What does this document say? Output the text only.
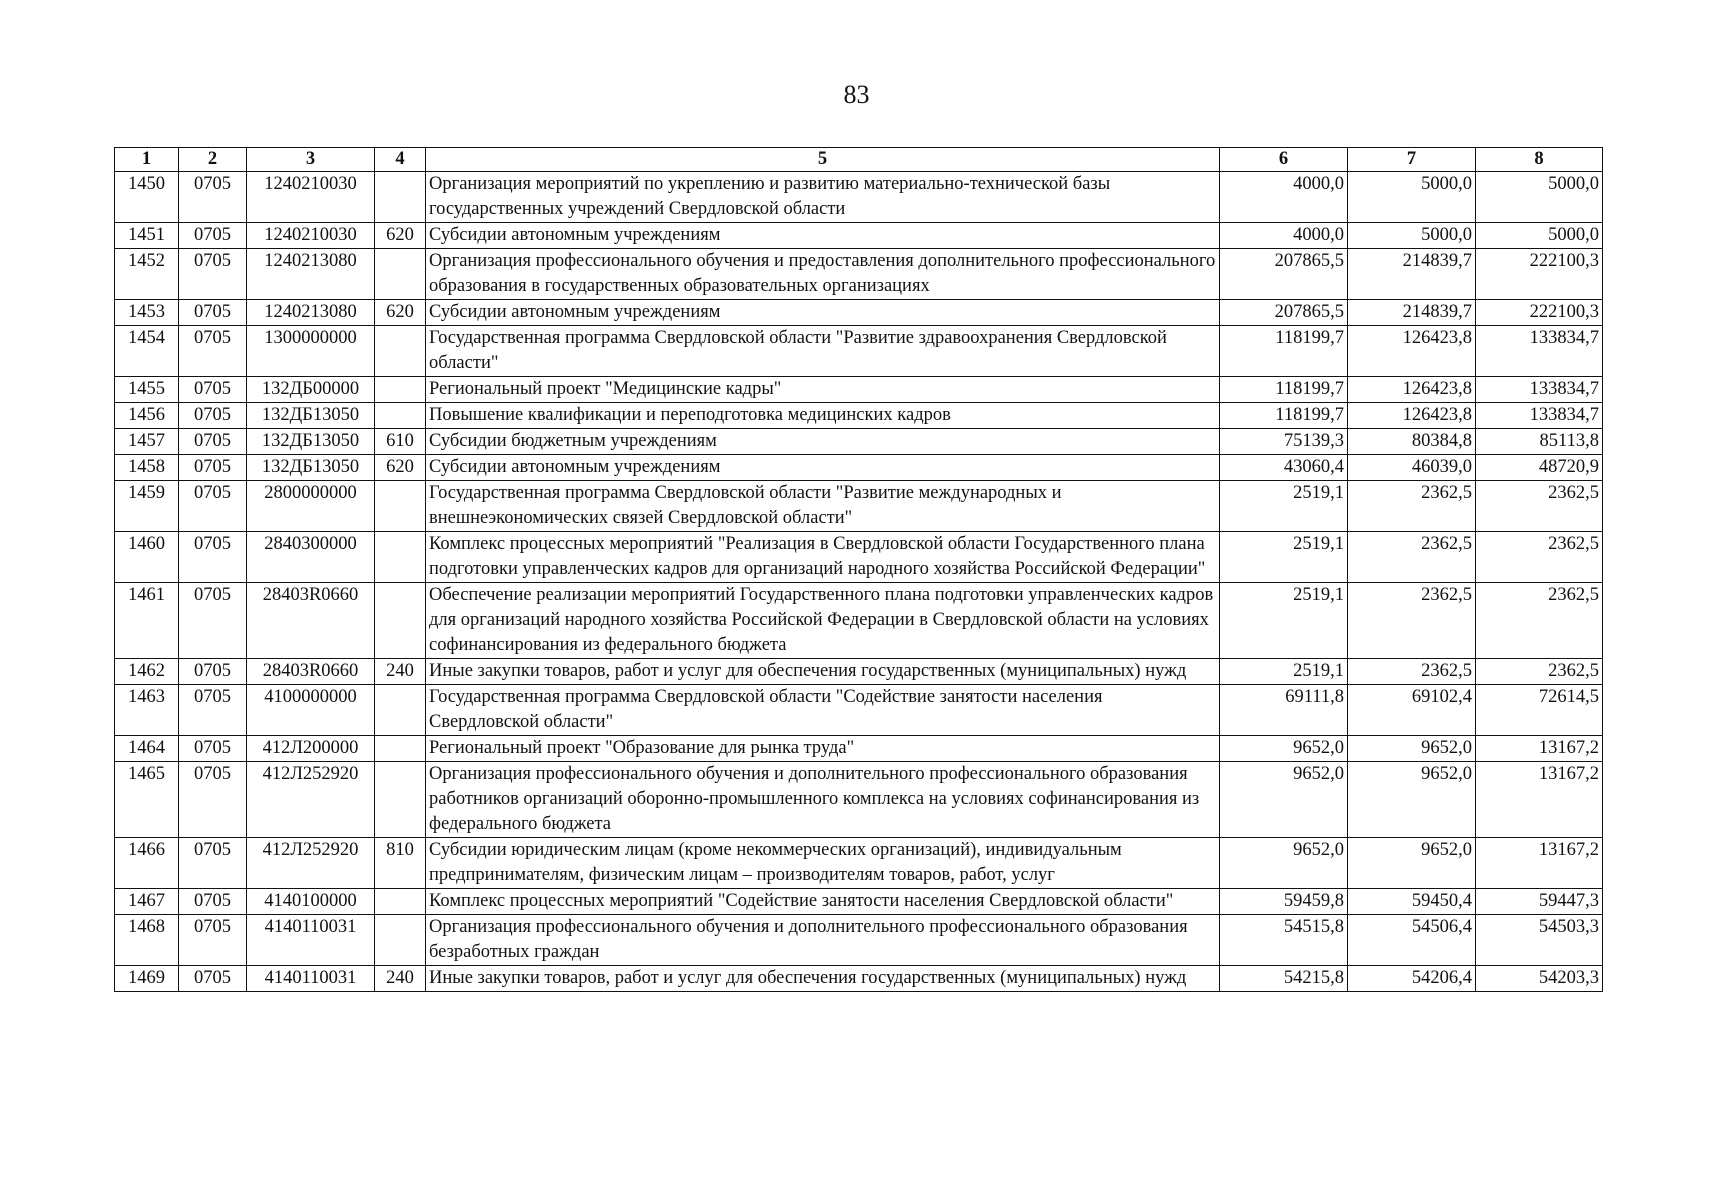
83
1	2	3	4	5	6	7	8
1450	0705	1240210030		Организация мероприятий по укреплению и развитию материально-технической базы государственных учреждений Свердловской области	4000,0	5000,0	5000,0
1451	0705	1240210030	620	Субсидии автономным учреждениям	4000,0	5000,0	5000,0
1452	0705	1240213080		Организация профессионального обучения и предоставления дополнительного профессионального образования в государственных образовательных организациях	207865,5	214839,7	222100,3
1453	0705	1240213080	620	Субсидии автономным учреждениям	207865,5	214839,7	222100,3
1454	0705	1300000000		Государственная программа Свердловской области "Развитие здравоохранения Свердловской области"	118199,7	126423,8	133834,7
1455	0705	132ДБ00000		Региональный проект "Медицинские кадры"	118199,7	126423,8	133834,7
1456	0705	132ДБ13050		Повышение квалификации и переподготовка медицинских кадров	118199,7	126423,8	133834,7
1457	0705	132ДБ13050	610	Субсидии бюджетным учреждениям	75139,3	80384,8	85113,8
1458	0705	132ДБ13050	620	Субсидии автономным учреждениям	43060,4	46039,0	48720,9
1459	0705	2800000000		Государственная программа Свердловской области "Развитие международных и внешнеэкономических связей Свердловской области"	2519,1	2362,5	2362,5
1460	0705	2840300000		Комплекс процессных мероприятий "Реализация в Свердловской области Государственного плана подготовки управленческих кадров для организаций народного хозяйства Российской Федерации"	2519,1	2362,5	2362,5
1461	0705	28403R0660		Обеспечение реализации мероприятий Государственного плана подготовки управленческих кадров для организаций народного хозяйства Российской Федерации в Свердловской области на условиях софинансирования из федерального бюджета	2519,1	2362,5	2362,5
1462	0705	28403R0660	240	Иные закупки товаров, работ и услуг для обеспечения государственных (муниципальных) нужд	2519,1	2362,5	2362,5
1463	0705	4100000000		Государственная программа Свердловской области "Содействие занятости населения Свердловской области"	69111,8	69102,4	72614,5
1464	0705	412Л200000		Региональный проект "Образование для рынка труда"	9652,0	9652,0	13167,2
1465	0705	412Л252920		Организация профессионального обучения и дополнительного профессионального образования работников организаций оборонно-промышленного комплекса на условиях софинансирования из федерального бюджета	9652,0	9652,0	13167,2
1466	0705	412Л252920	810	Субсидии юридическим лицам (кроме некоммерческих организаций), индивидуальным предпринимателям, физическим лицам – производителям товаров, работ, услуг	9652,0	9652,0	13167,2
1467	0705	4140100000		Комплекс процессных мероприятий "Содействие занятости населения Свердловской области"	59459,8	59450,4	59447,3
1468	0705	4140110031		Организация профессионального обучения и дополнительного профессионального образования безработных граждан	54515,8	54506,4	54503,3
1469	0705	4140110031	240	Иные закупки товаров, работ и услуг для обеспечения государственных (муниципальных) нужд	54215,8	54206,4	54203,3
